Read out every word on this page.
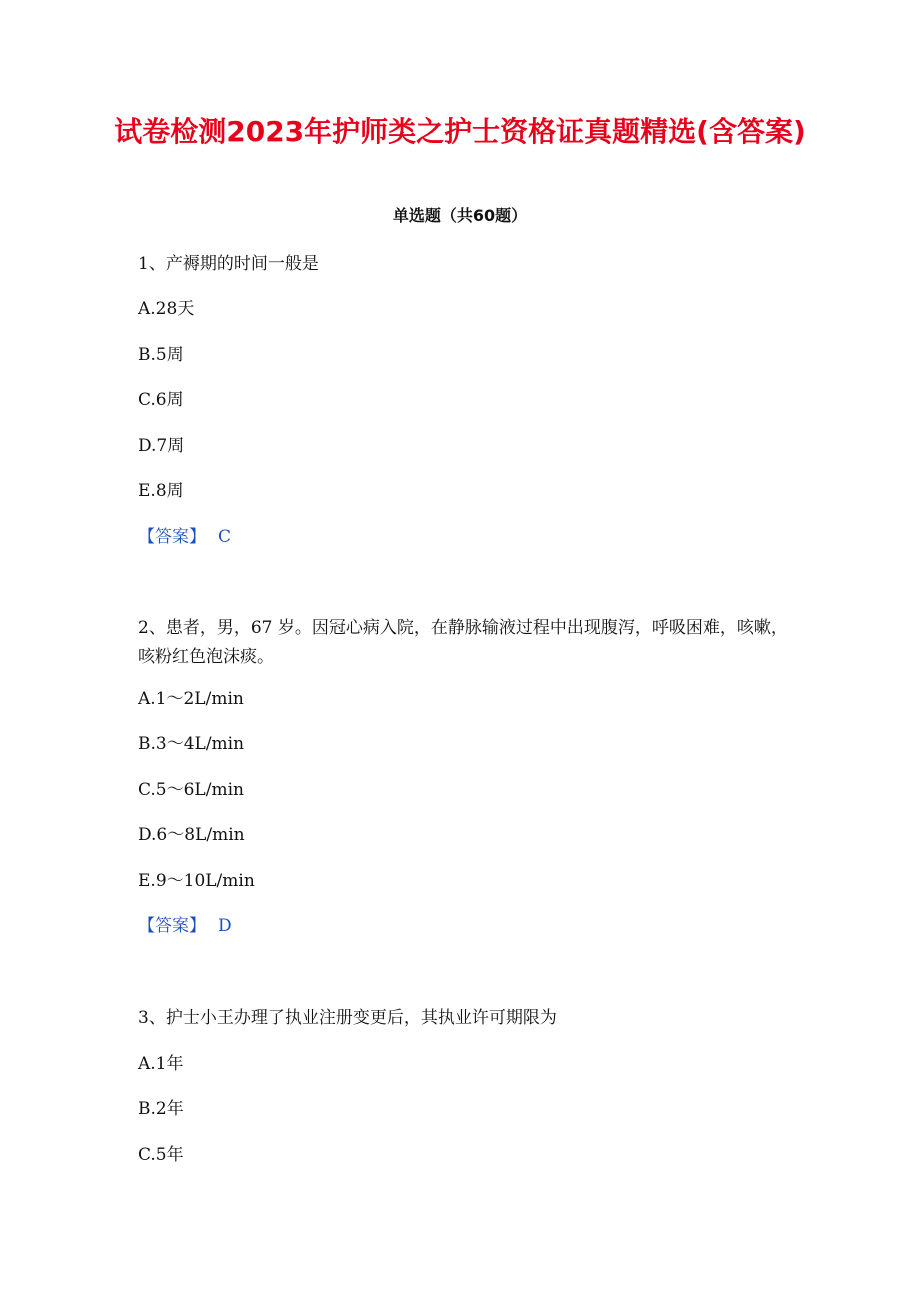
试卷检测2023年护师类之护士资格证真题精选(含答案)
单选题（共60题）

1、产褥期的时间一般是

A.28天

B.5周

C.6周

D.7周

E.8周

【答案】 C

2、患者，男，67 岁。因冠心病入院，在静脉输液过程中出现腹泻，呼吸困难，咳嗽，咳粉红色泡沫痰。

A.1～2L/min

B.3～4L/min

C.5～6L/min

D.6～8L/min

E.9～10L/min

【答案】 D

3、护士小王办理了执业注册变更后，其执业许可期限为

A.1年

B.2年

C.5年
